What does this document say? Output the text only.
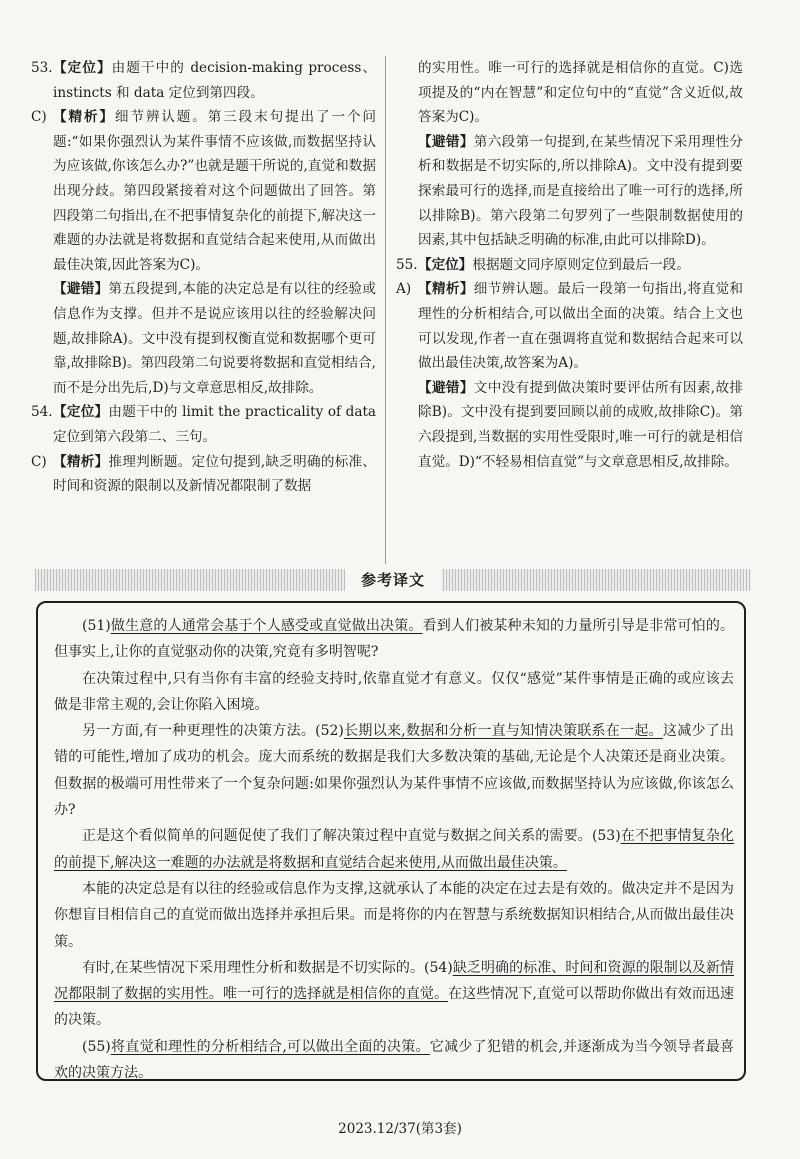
53. 【定位】由题干中的 decision-making process、instincts 和 data 定位到第四段。

C) 【精析】细节辨认题。第三段末句提出了一个问题:“如果你强烈认为某件事情不应该做,而数据坚持认为应该做,你该怎么办?”也就是题干所说的,直觉和数据出现分歧。第四段紧接着对这个问题做出了回答。第四段第二句指出,在不把事情复杂化的前提下,解决这一难题的办法就是将数据和直觉结合起来使用,从而做出最佳决策,因此答案为C)。

【避错】第五段提到,本能的决定总是有以往的经验或信息作为支撑。但并不是说应该用以往的经验解决问题,故排除A)。文中没有提到权衡直觉和数据哪个更可靠,故排除B)。第四段第二句说要将数据和直觉相结合,而不是分出先后,D)与文章意思相反,故排除。

54. 【定位】由题干中的 limit the practicality of data 定位到第六段第二、三句。

C) 【精析】推理判断题。定位句提到,缺乏明确的标准、时间和资源的限制以及新情况都限制了数据

的实用性。唯一可行的选择就是相信你的直觉。C)选项提及的“内在智慧”和定位句中的“直觉”含义近似,故答案为C)。

【避错】第六段第一句提到,在某些情况下采用理性分析和数据是不切实际的,所以排除A)。文中没有提到要探索最可行的选择,而是直接给出了唯一可行的选择,所以排除B)。第六段第二句罗列了一些限制数据使用的因素,其中包括缺乏明确的标准,由此可以排除D)。

55. 【定位】根据题文同序原则定位到最后一段。

A) 【精析】细节辨认题。最后一段第一句指出,将直觉和理性的分析相结合,可以做出全面的决策。结合上文也可以发现,作者一直在强调将直觉和数据结合起来可以做出最佳决策,故答案为A)。

【避错】文中没有提到做决策时要评估所有因素,故排除B)。文中没有提到要回顾以前的成败,故排除C)。第六段提到,当数据的实用性受限时,唯一可行的就是相信直觉。D)“不轻易相信直觉”与文章意思相反,故排除。

参考译文

(51)做生意的人通常会基于个人感受或直觉做出决策。看到人们被某种未知的力量所引导是非常可怕的。但事实上,让你的直觉驱动你的决策,究竟有多明智呢?

在决策过程中,只有当你有丰富的经验支持时,依靠直觉才有意义。仅仅“感觉”某件事情是正确的或应该去做是非常主观的,会让你陷入困境。

另一方面,有一种更理性的决策方法。(52)长期以来,数据和分析一直与知情决策联系在一起。这减少了出错的可能性,增加了成功的机会。庞大而系统的数据是我们大多数决策的基础,无论是个人决策还是商业决策。但数据的极端可用性带来了一个复杂问题:如果你强烈认为某件事情不应该做,而数据坚持认为应该做,你该怎么办?

正是这个看似简单的问题促使了我们了解决策过程中直觉与数据之间关系的需要。(53)在不把事情复杂化的前提下,解决这一难题的办法就是将数据和直觉结合起来使用,从而做出最佳决策。

本能的决定总是有以往的经验或信息作为支撑,这就承认了本能的决定在过去是有效的。做决定并不是因为你想盲目相信自己的直觉而做出选择并承担后果。而是将你的内在智慧与系统数据知识相结合,从而做出最佳决策。

有时,在某些情况下采用理性分析和数据是不切实际的。(54)缺乏明确的标准、时间和资源的限制以及新情况都限制了数据的实用性。唯一可行的选择就是相信你的直觉。在这些情况下,直觉可以帮助你做出有效而迅速的决策。

(55)将直觉和理性的分析相结合,可以做出全面的决策。它减少了犯错的机会,并逐渐成为当今领导者最喜欢的决策方法。

2023.12/37(第3套)
